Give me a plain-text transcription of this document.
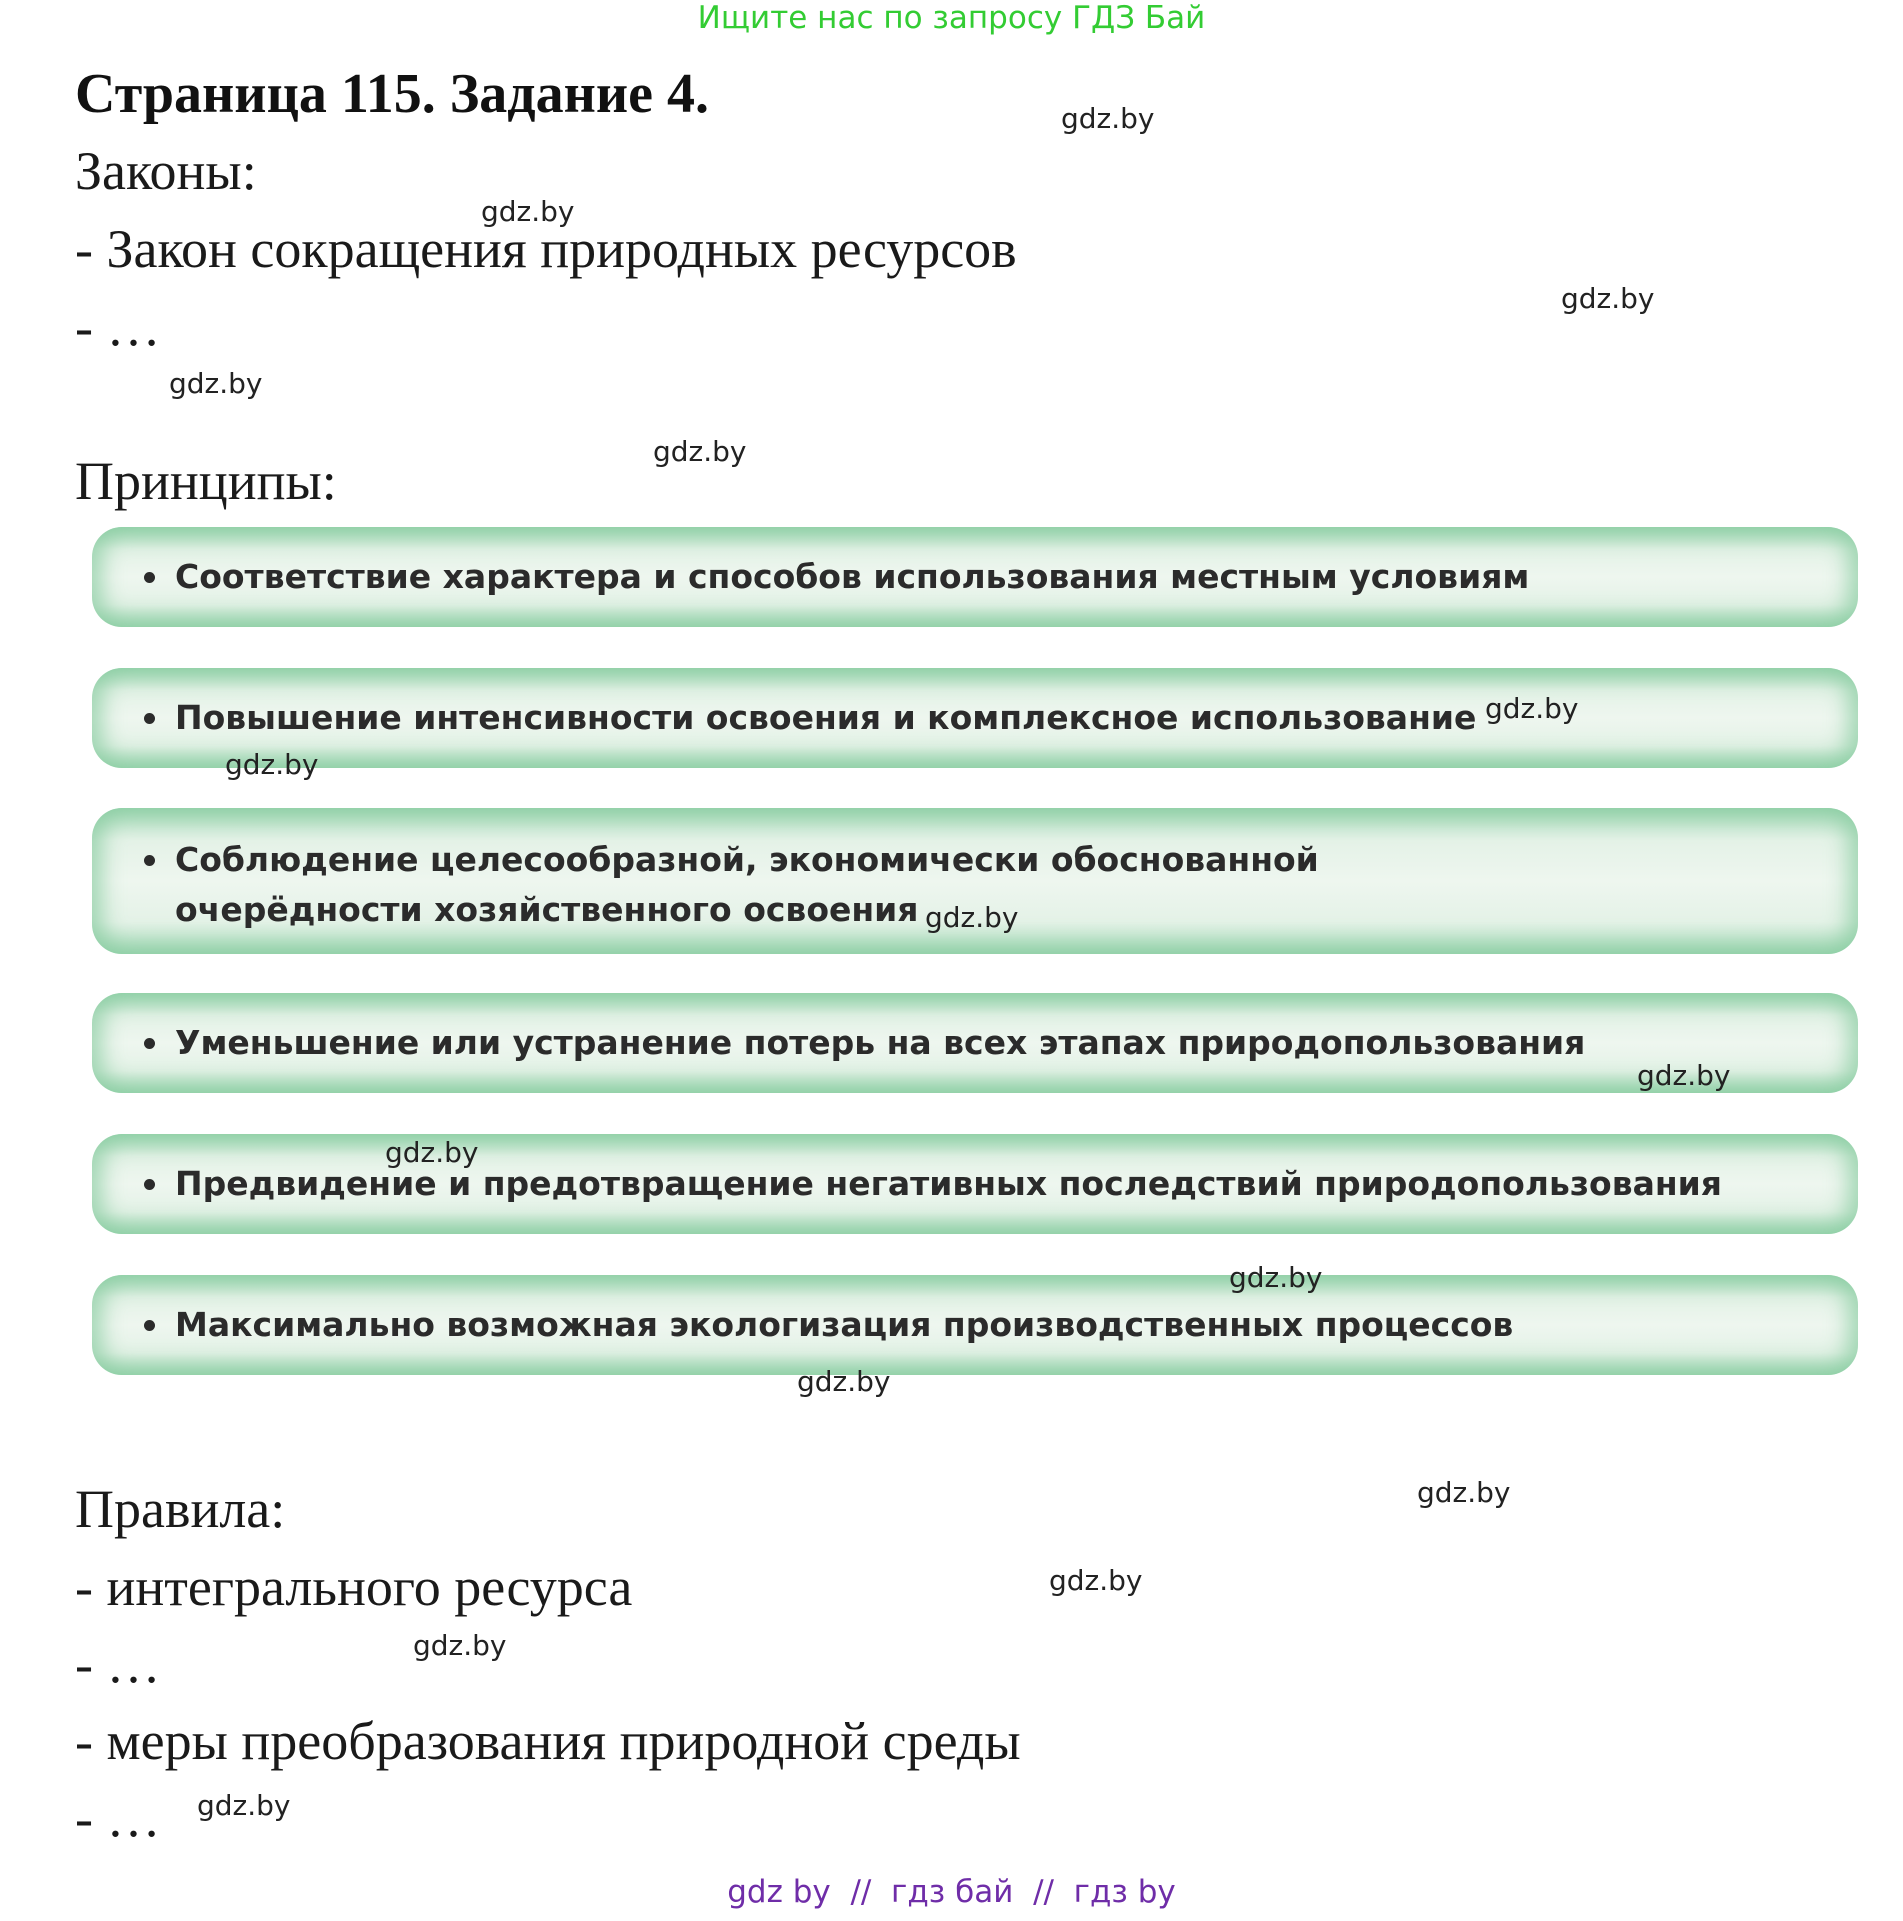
Ищите нас по запросу ГДЗ Бай
Страница 115. Задание 4.
Законы:
- Закон сокращения природных ресурсов
- …
Принципы:
Соответствие характера и способов использования местным условиям
Повышение интенсивности освоения и комплексное использование
Соблюдение целесообразной, экономически обоснованной очерёдности хозяйственного освоения
Уменьшение или устранение потерь на всех этапах природопользования
Предвидение и предотвращение негативных последствий природопользования
Максимально возможная экологизация производственных процессов
Правила:
- интегрального ресурса
- …
- меры преобразования природной среды
- …
gdz.by
gdz.by
gdz.by
gdz.by
gdz.by
gdz.by
gdz.by
gdz.by
gdz.by
gdz.by
gdz.by
gdz.by
gdz.by
gdz.by
gdz.by
gdz.by
gdz by  //  гдз бай  //  гдз by
